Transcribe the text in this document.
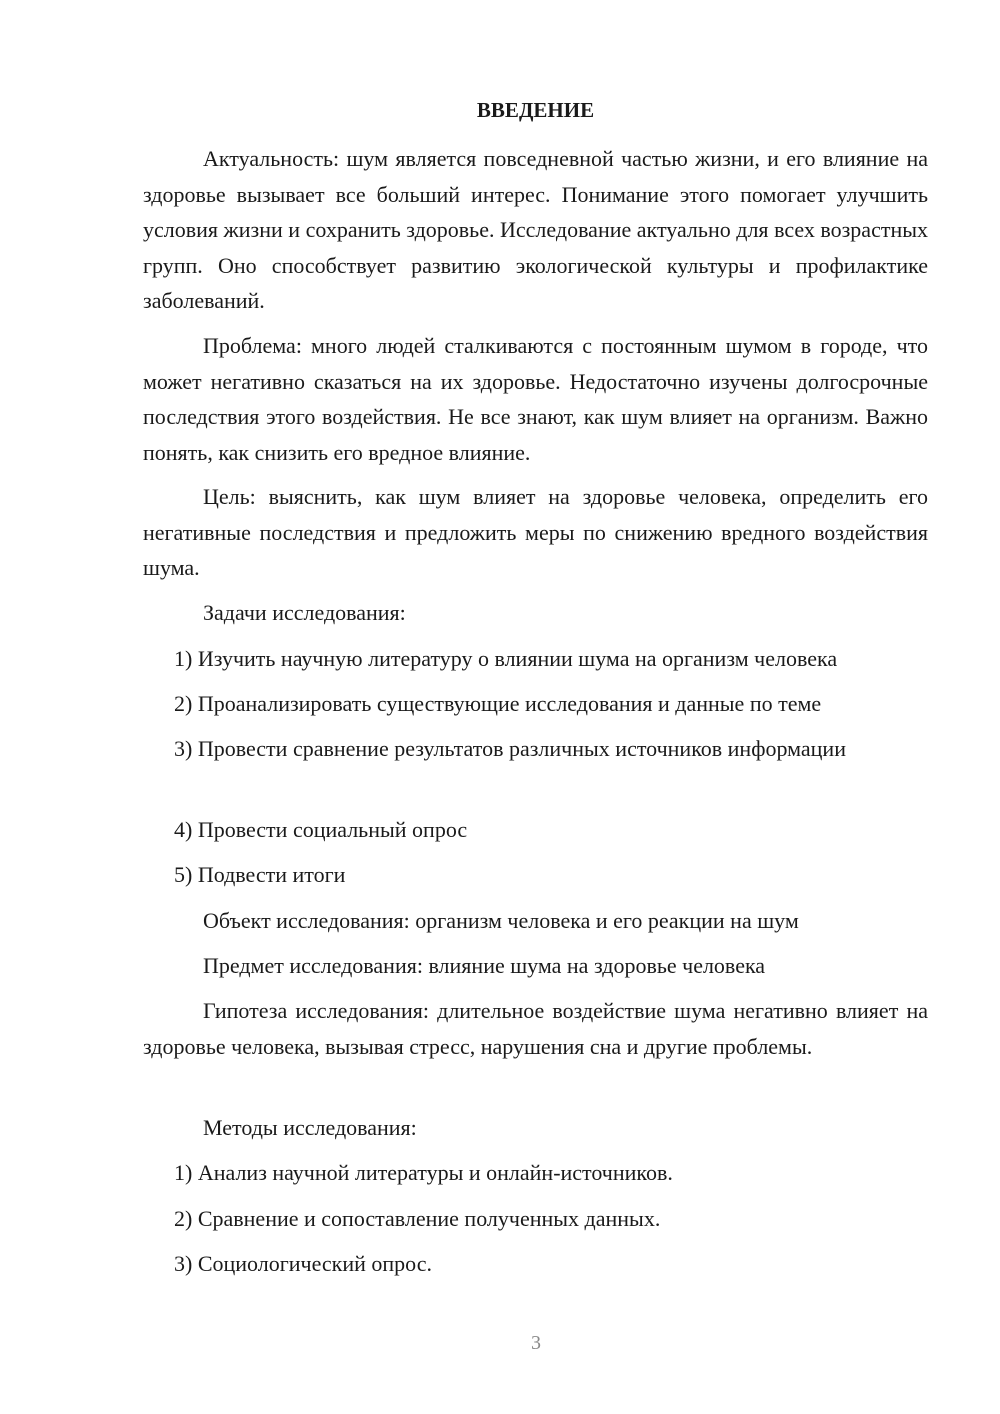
ВВЕДЕНИЕ

Актуальность: шум является повседневной частью жизни, и его влияние на здоровье вызывает все больший интерес. Понимание этого помогает улучшить условия жизни и сохранить здоровье. Исследование актуально для всех возрастных групп. Оно способствует развитию экологической культуры и профилактике заболеваний.

Проблема: много людей сталкиваются с постоянным шумом в городе, что может негативно сказаться на их здоровье. Недостаточно изучены долгосрочные последствия этого воздействия. Не все знают, как шум влияет на организм. Важно понять, как снизить его вредное влияние.

Цель: выяснить, как шум влияет на здоровье человека, определить его негативные последствия и предложить меры по снижению вредного воздействия шума.

Задачи исследования:

1) Изучить научную литературу о влиянии шума на организм человека

2) Проанализировать существующие исследования и данные по теме

3) Провести сравнение результатов различных источников информации

4) Провести социальный опрос

5) Подвести итоги

Объект исследования: организм человека и его реакции на шум

Предмет исследования: влияние шума на здоровье человека

Гипотеза исследования: длительное воздействие шума негативно влияет на здоровье человека, вызывая стресс, нарушения сна и другие проблемы.

Методы исследования:

1) Анализ научной литературы и онлайн-источников.

2) Сравнение и сопоставление полученных данных.

3) Социологический опрос.

3
